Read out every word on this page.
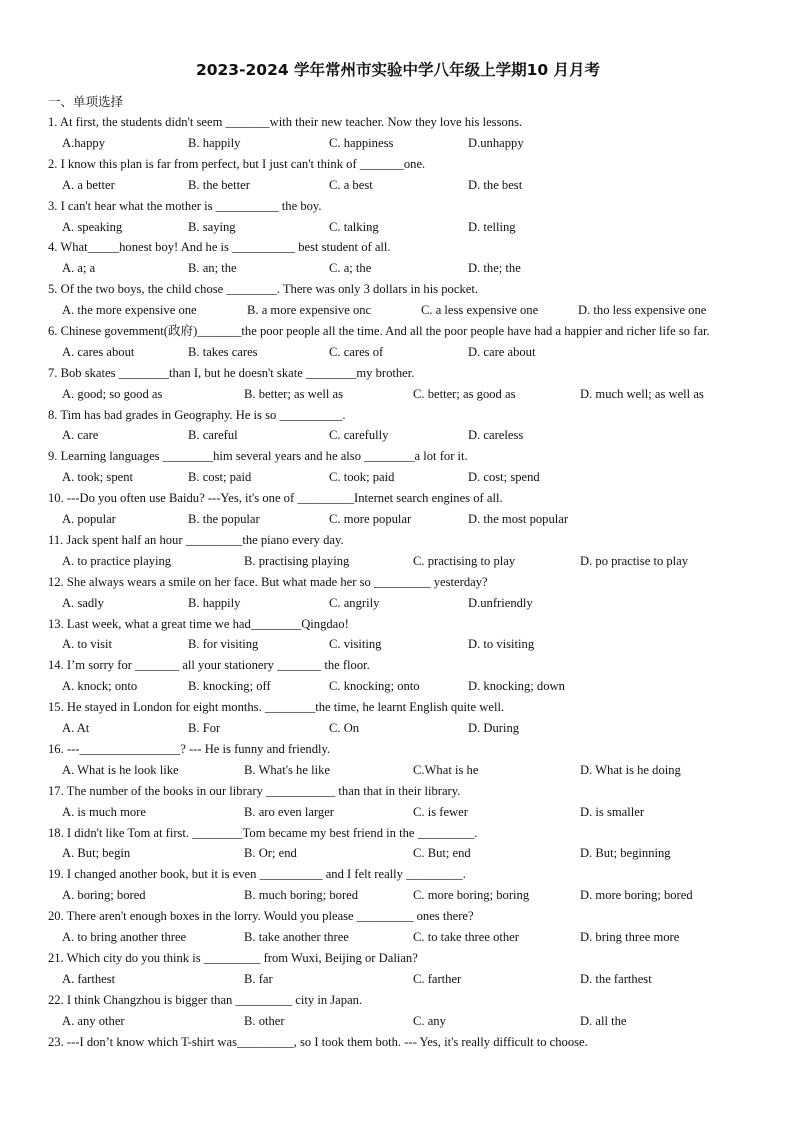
2023-2024 学年常州市实验中学八年级上学期10 月月考
一、单项选择
1. At first, the students didn't seem _______with their new teacher. Now they love his lessons.
A.happy	B. happily	C. happiness	D.unhappy
2. I know this plan is far from perfect, but I just can't think of _______one.
A. a better	B. the better	C. a best	D. the best
3. I can't hear what the mother is __________ the boy.
A. speaking	B. saying	C. talking	D. telling
4. What_____honest boy! And he is __________ best student of all.
A. a; a	B. an; the	C. a; the	D. the; the
5. Of the two boys, the child chose ________. There was only 3 dollars in his pocket.
A. the more expensive one	B. a more expensive onc	C. a less expensive one	D. tho less expensive one
6. Chinese govemment(政府)_______the poor people all the time. And all the poor people have had a happier and richer life so far.
A. cares about	B. takes cares	C. cares of	D. care about
7. Bob skates ________than I, but he doesn't skate ________my brother.
A. good; so good as	B. better; as well as	C. better; as good as	D. much well; as well as
8. Tim has bad grades in Geography. He is so __________.
A. care	B. careful	C. carefully	D. careless
9. Learning languages ________him several years and he also ________a lot for it.
A. took; spent	B. cost; paid	C. took; paid	D. cost; spend
10. ---Do you often use Baidu? ---Yes, it's one of _________Internet search engines of all.
A. popular	B. the popular	C. more popular	D. the most popular
11. Jack spent half an hour _________the piano every day.
A. to practice playing	B. practising playing	C. practising to play	D. po practise to play
12. She always wears a smile on her face. But what made her so _________ yesterday?
A. sadly	B. happily	C. angrily	D.unfriendly
13. Last week, what a great time we had________Qingdao!
A. to visit	B. for visiting	C. visiting	D. to visiting
14. I’m sorry for _______ all your stationery _______ the floor.
A. knock; onto	B. knocking; off	C. knocking; onto	D. knocking; down
15. He stayed in London for eight months. ________the time, he learnt English quite well.
A. At	B. For	C. On	D. During
16. ---________________? --- He is funny and friendly.
A. What is he look like	B. What's he like	C.What is he	D. What is he doing
17. The number of the books in our library ___________ than that in their library.
A. is much more	B. aro even larger	C. is fewer	D. is smaller
18. I didn't like Tom at first. ________Tom became my best friend in the _________.
A. But; begin	B. Or; end	C. But; end	D. But; beginning
19. I changed another book, but it is even __________ and I felt really _________.
A. boring; bored	B. much boring; bored	C. more boring; boring	D. more boring; bored
20. There aren't enough boxes in the lorry. Would you please _________ ones there?
A. to bring another three	B. take another three	C. to take three other	D. bring three more
21. Which city do you think is _________ from Wuxi, Beijing or Dalian?
A. farthest	B. far	C. farther	D. the farthest
22. I think Changzhou is bigger than _________ city in Japan.
A. any other	B. other	C. any	D. all the
23. ---I don’t know which T-shirt was_________, so I took them both. --- Yes, it's really difficult to choose.
